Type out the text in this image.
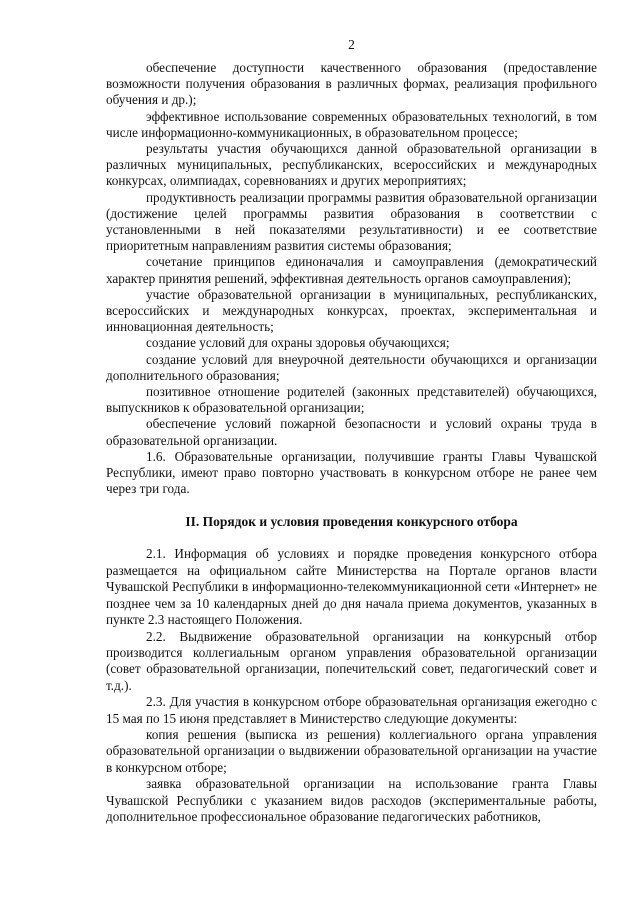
2

обеспечение доступности качественного образования (предоставление возможности получения образования в различных формах, реализация профильного обучения и др.);

эффективное использование современных образовательных технологий, в том числе информационно-коммуникационных, в образовательном процессе;

результаты участия обучающихся данной образовательной организации в различных муниципальных, республиканских, всероссийских и международных конкурсах, олимпиадах, соревнованиях и других мероприятиях;

продуктивность реализации программы развития образовательной организации (достижение целей программы развития образования в соответствии с установленными в ней показателями результативности) и ее соответствие приоритетным направлениям развития системы образования;

сочетание принципов единоначалия и самоуправления (демократический характер принятия решений, эффективная деятельность органов самоуправления);

участие образовательной организации в муниципальных, республиканских, всероссийских и международных конкурсах, проектах, экспериментальная и инновационная деятельность;

создание условий для охраны здоровья обучающихся;

создание условий для внеурочной деятельности обучающихся и организации дополнительного образования;

позитивное отношение родителей (законных представителей) обучающихся, выпускников к образовательной организации;

обеспечение условий пожарной безопасности и условий охраны труда в образовательной организации.

1.6. Образовательные организации, получившие гранты Главы Чувашской Республики, имеют право повторно участвовать в конкурсном отборе не ранее чем через три года.

II. Порядок и условия проведения конкурсного отбора

2.1. Информация об условиях и порядке проведения конкурсного отбора размещается на официальном сайте Министерства на Портале органов власти Чувашской Республики в информационно-телекоммуникационной сети «Интернет» не позднее чем за 10 календарных дней до дня начала приема документов, указанных в пункте 2.3 настоящего Положения.

2.2. Выдвижение образовательной организации на конкурсный отбор производится коллегиальным органом управления образовательной организации (совет образовательной организации, попечительский совет, педагогический совет и т.д.).

2.3. Для участия в конкурсном отборе образовательная организация ежегодно с 15 мая по 15 июня представляет в Министерство следующие документы:

копия решения (выписка из решения) коллегиального органа управления образовательной организации о выдвижении образовательной организации на участие в конкурсном отборе;

заявка образовательной организации на использование гранта Главы Чувашской Республики с указанием видов расходов (экспериментальные работы, дополнительное профессиональное образование педагогических работников,
